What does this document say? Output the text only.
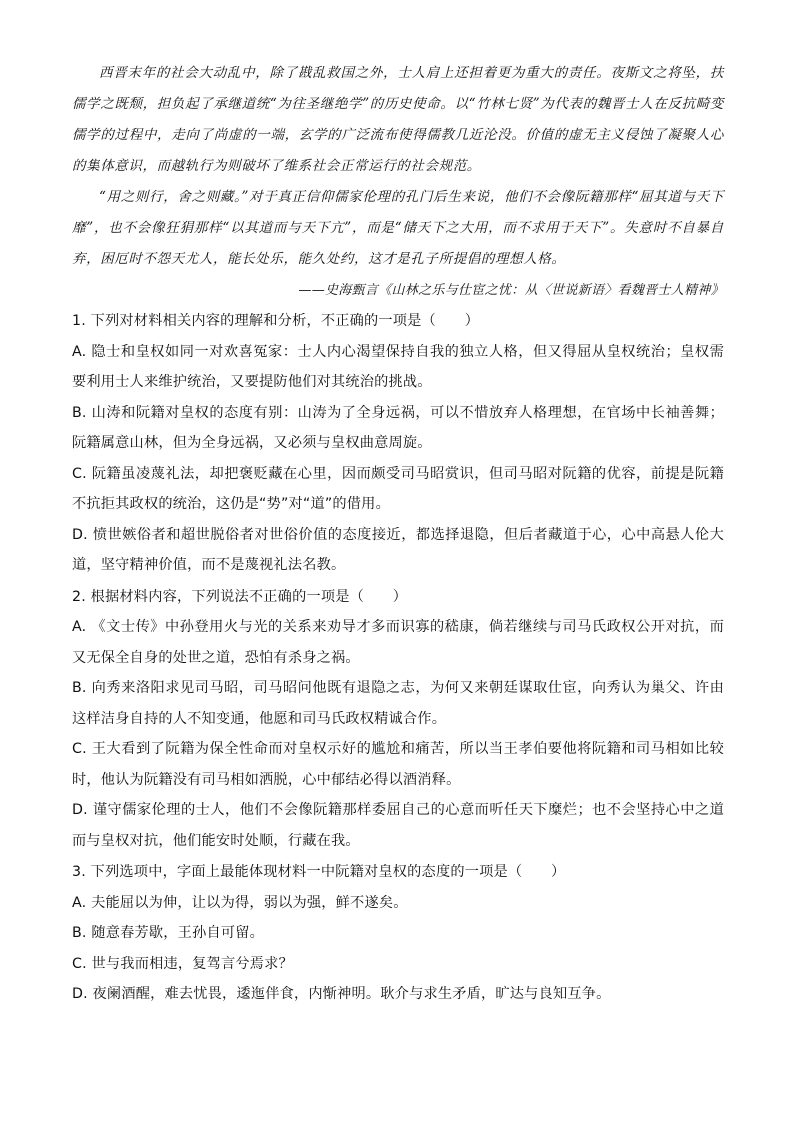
西晋末年的社会大动乱中，除了戡乱救国之外，士人肩上还担着更为重大的责任。夜斯文之将坠，扶儒学之既颓，担负起了承继道统“为往圣继绝学”的历史使命。以“竹林七贤”为代表的魏晋士人在反抗畸变儒学的过程中，走向了尚虚的一端，玄学的广泛流布使得儒教几近沦没。价值的虚无主义侵蚀了凝聚人心的集体意识，而越轨行为则破坏了维系社会正常运行的社会规范。

“用之则行，舍之则藏。”对于真正信仰儒家伦理的孔门后生来说，他们不会像阮籍那样“屈其道与天下靡”，也不会像狂狷那样“以其道而与天下亢”，而是“储天下之大用，而不求用于天下”。失意时不自暴自弃，困厄时不怨天尤人，能长处乐，能久处约，这才是孔子所提倡的理想人格。

——史海甄言《山林之乐与仕宦之忧：从〈世说新语〉看魏晋士人精神》

1. 下列对材料相关内容的理解和分析，不正确的一项是（　　）

A. 隐士和皇权如同一对欢喜冤家：士人内心渴望保持自我的独立人格，但又得屈从皇权统治；皇权需要利用士人来维护统治，又要提防他们对其统治的挑战。

B. 山涛和阮籍对皇权的态度有别：山涛为了全身远祸，可以不惜放弃人格理想，在官场中长袖善舞；阮籍属意山林，但为全身远祸，又必须与皇权曲意周旋。

C. 阮籍虽凌蔑礼法，却把褒贬藏在心里，因而颇受司马昭赏识，但司马昭对阮籍的优容，前提是阮籍不抗拒其政权的统治，这仍是“势”对“道”的借用。

D. 愤世嫉俗者和超世脱俗者对世俗价值的态度接近，都选择退隐，但后者藏道于心，心中高悬人伦大道，坚守精神价值，而不是蔑视礼法名教。

2. 根据材料内容，下列说法不正确的一项是（　　）

A. 《文士传》中孙登用火与光的关系来劝导才多而识寡的嵇康，倘若继续与司马氏政权公开对抗，而又无保全自身的处世之道，恐怕有杀身之祸。

B. 向秀来洛阳求见司马昭，司马昭问他既有退隐之志，为何又来朝廷谋取仕宦，向秀认为巢父、许由这样洁身自持的人不知变通，他愿和司马氏政权精诚合作。

C. 王大看到了阮籍为保全性命而对皇权示好的尴尬和痛苦，所以当王孝伯要他将阮籍和司马相如比较时，他认为阮籍没有司马相如洒脱，心中郁结必得以酒消释。

D. 谨守儒家伦理的士人，他们不会像阮籍那样委屈自己的心意而听任天下糜烂；也不会坚持心中之道而与皇权对抗，他们能安时处顺，行藏在我。

3. 下列选项中，字面上最能体现材料一中阮籍对皇权的态度的一项是（　　）

A. 夫能屈以为伸，让以为得，弱以为强，鲜不遂矣。

B. 随意春芳歇，王孙自可留。

C. 世与我而相违，复驾言兮焉求？

D. 夜阑酒醒，难去忧畏，逶迤伴食，内惭神明。耿介与求生矛盾，旷达与良知互争。
